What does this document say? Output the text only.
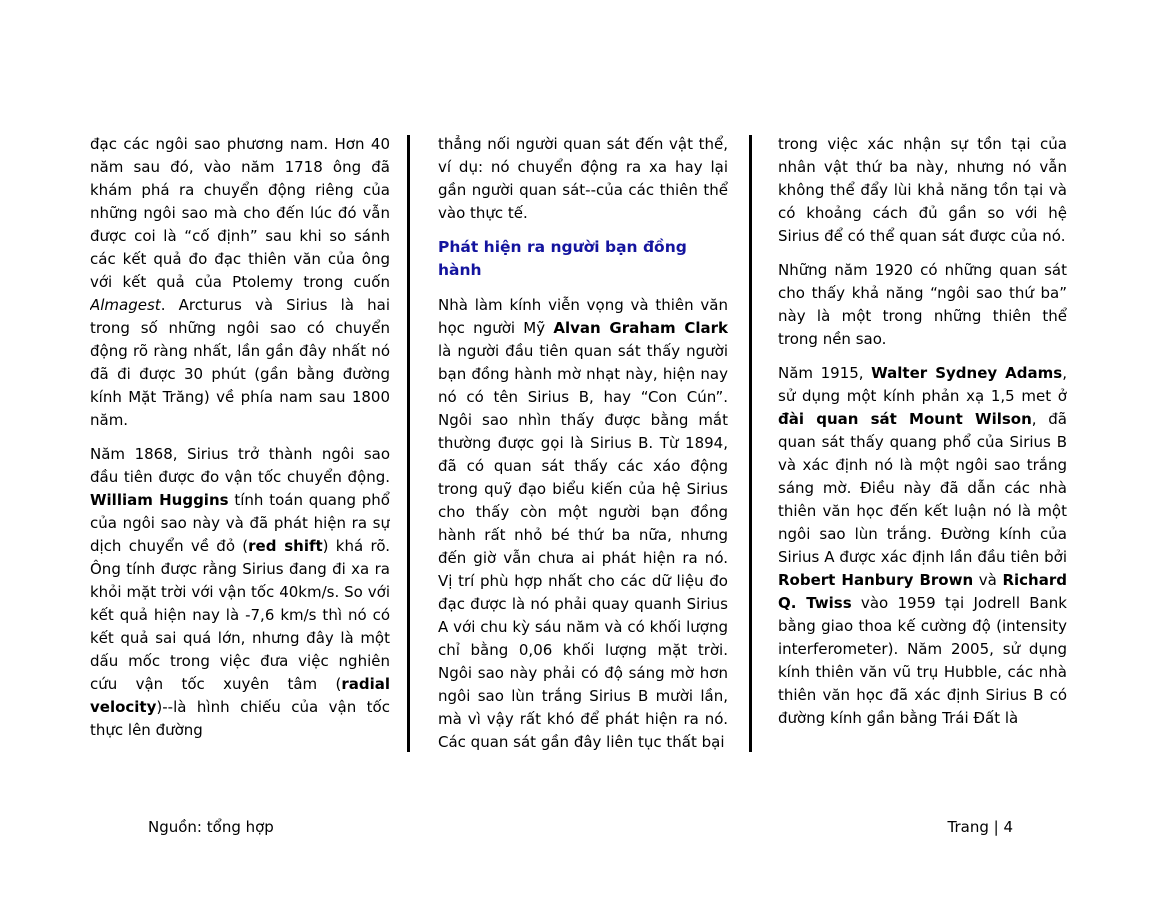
đạc các ngôi sao phương nam. Hơn 40 năm sau đó, vào năm 1718 ông đã khám phá ra chuyển động riêng của những ngôi sao mà cho đến lúc đó vẫn được coi là “cố định” sau khi so sánh các kết quả đo đạc thiên văn của ông với kết quả của Ptolemy trong cuốn Almagest. Arcturus và Sirius là hai trong số những ngôi sao có chuyển động rõ ràng nhất, lần gần đây nhất nó đã đi được 30 phút (gần bằng đường kính Mặt Trăng) về phía nam sau 1800 năm.

Năm 1868, Sirius trở thành ngôi sao đầu tiên được đo vận tốc chuyển động. William Huggins tính toán quang phổ của ngôi sao này và đã phát hiện ra sự dịch chuyển về đỏ (red shift) khá rõ. Ông tính được rằng Sirius đang đi xa ra khỏi mặt trời với vận tốc 40km/s. So với kết quả hiện nay là -7,6 km/s thì nó có kết quả sai quá lớn, nhưng đây là một dấu mốc trong việc đưa việc nghiên cứu vận tốc xuyên tâm (radial velocity)--là hình chiếu của vận tốc thực lên đường

thẳng nối người quan sát đến vật thể, ví dụ: nó chuyển động ra xa hay lại gần người quan sát--của các thiên thể vào thực tế.

Phát hiện ra người bạn đồng hành

Nhà làm kính viễn vọng và thiên văn học người Mỹ Alvan Graham Clark là người đầu tiên quan sát thấy người bạn đồng hành mờ nhạt này, hiện nay nó có tên Sirius B, hay “Con Cún”. Ngôi sao nhìn thấy được bằng mắt thường được gọi là Sirius B. Từ 1894, đã có quan sát thấy các xáo động trong quỹ đạo biểu kiến của hệ Sirius cho thấy còn một người bạn đồng hành rất nhỏ bé thứ ba nữa, nhưng đến giờ vẫn chưa ai phát hiện ra nó. Vị trí phù hợp nhất cho các dữ liệu đo đạc được là nó phải quay quanh Sirius A với chu kỳ sáu năm và có khối lượng chỉ bằng 0,06 khối lượng mặt trời. Ngôi sao này phải có độ sáng mờ hơn ngôi sao lùn trắng Sirius B mười lần, mà vì vậy rất khó để phát hiện ra nó. Các quan sát gần đây liên tục thất bại

trong việc xác nhận sự tồn tại của nhân vật thứ ba này, nhưng nó vẫn không thể đẩy lùi khả năng tồn tại và có khoảng cách đủ gần so với hệ Sirius để có thể quan sát được của nó.

Những năm 1920 có những quan sát cho thấy khả năng “ngôi sao thứ ba” này là một trong những thiên thể trong nền sao.

Năm 1915, Walter Sydney Adams, sử dụng một kính phản xạ 1,5 met ở đài quan sát Mount Wilson, đã quan sát thấy quang phổ của Sirius B và xác định nó là một ngôi sao trắng sáng mờ. Điều này đã dẫn các nhà thiên văn học đến kết luận nó là một ngôi sao lùn trắng. Đường kính của Sirius A được xác định lần đầu tiên bởi Robert Hanbury Brown và Richard Q. Twiss vào 1959 tại Jodrell Bank bằng giao thoa kế cường độ (intensity interferometer). Năm 2005, sử dụng kính thiên văn vũ trụ Hubble, các nhà thiên văn học đã xác định Sirius B có đường kính gần bằng Trái Đất là

Nguồn: tổng hợp	Trang | 4
